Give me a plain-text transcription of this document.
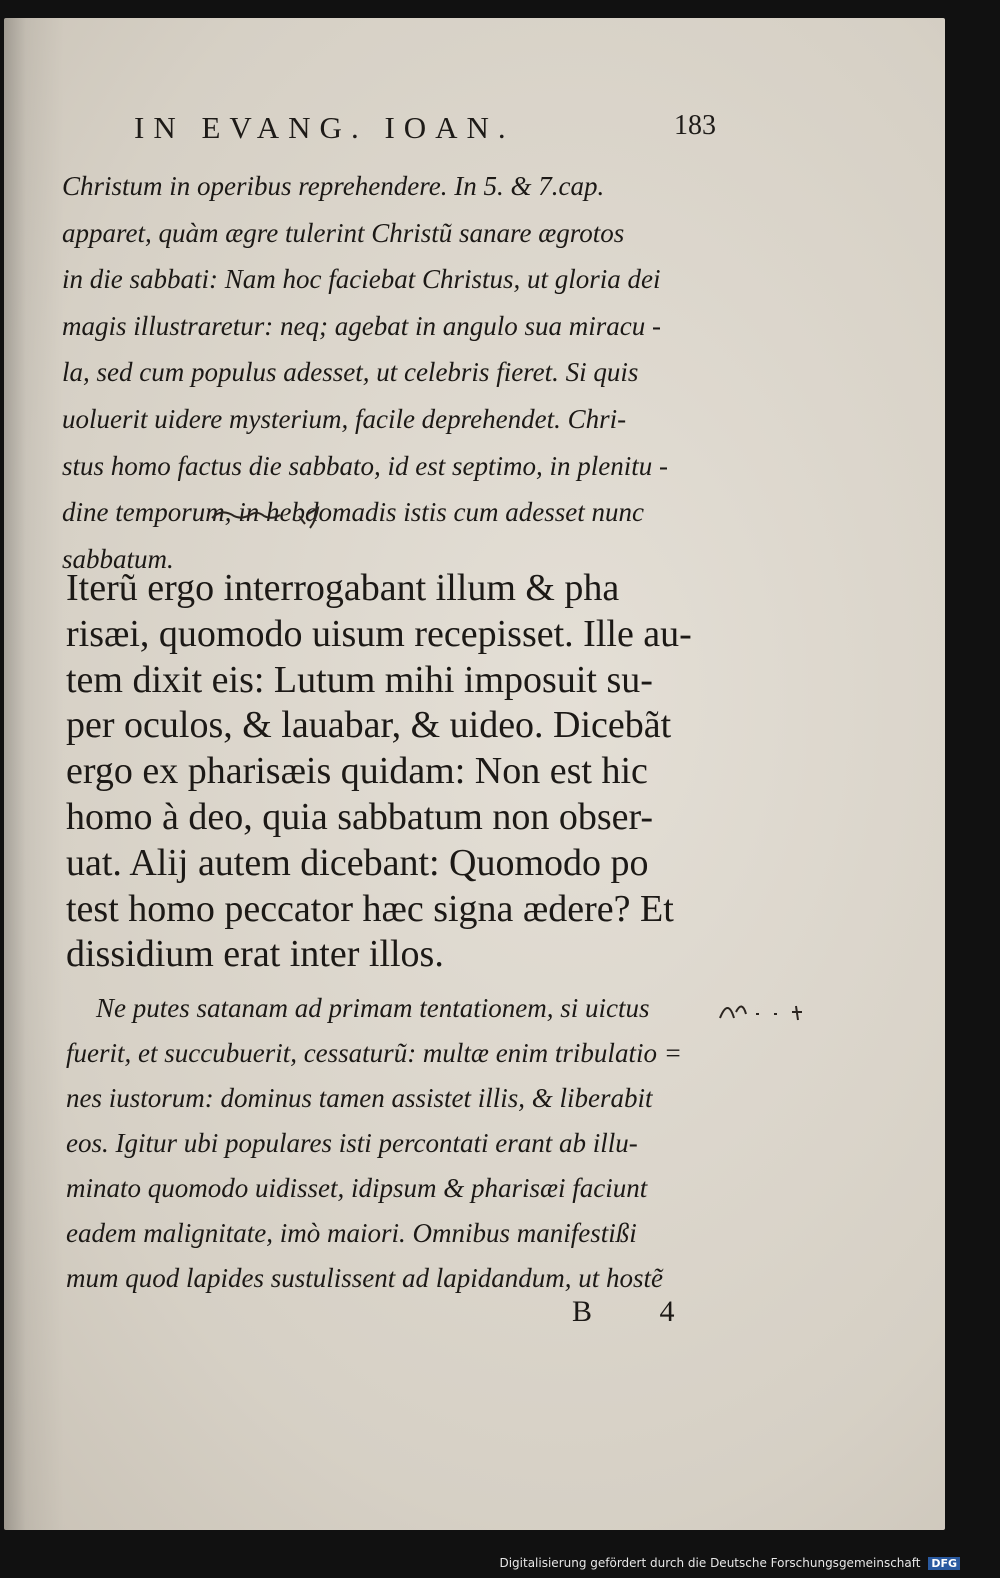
IN EVANG. IOAN.	183
Christum in operibus reprehendere. In 5. & 7.cap.
apparet, quàm ægre tulerint Christũ sanare ægrotos
in die sabbati: Nam hoc faciebat Christus, ut gloria dei
magis illustraretur: neq; agebat in angulo sua miracu -
la, sed cum populus adesset, ut celebris fieret. Si quis
uoluerit uidere mysterium, facile deprehendet. Chri-
stus homo factus die sabbato, id est septimo, in plenitu -
dine temporum, in hebdomadis istis cum adesset nunc
sabbatum.
Iterũ ergo interrogabant illum & pha
risæi, quomodo uisum recepisset. Ille au-
tem dixit eis: Lutum mihi imposuit su-
per oculos, & lauabar, & uideo. Dicebãt
ergo ex pharisæis quidam: Non est hic
homo à deo, quia sabbatum non obser-
uat. Alij autem dicebant: Quomodo po
test homo peccator hæc signa ædere? Et
dissidium erat inter illos.
Ne putes satanam ad primam tentationem, si uictus
fuerit, et succubuerit, cessaturũ: multæ enim tribulatio =
nes iustorum: dominus tamen assistet illis, & liberabit
eos. Igitur ubi populares isti percontati erant ab illu-
minato quomodo uidisset, idipsum & pharisæi faciunt
eadem malignitate, imò maiori. Omnibus manifestißi
mum quod lapides sustulissent ad lapidandum, ut hostẽ
B 4
Digitalisierung gefördert durch die Deutsche Forschungsgemeinschaft DFG
